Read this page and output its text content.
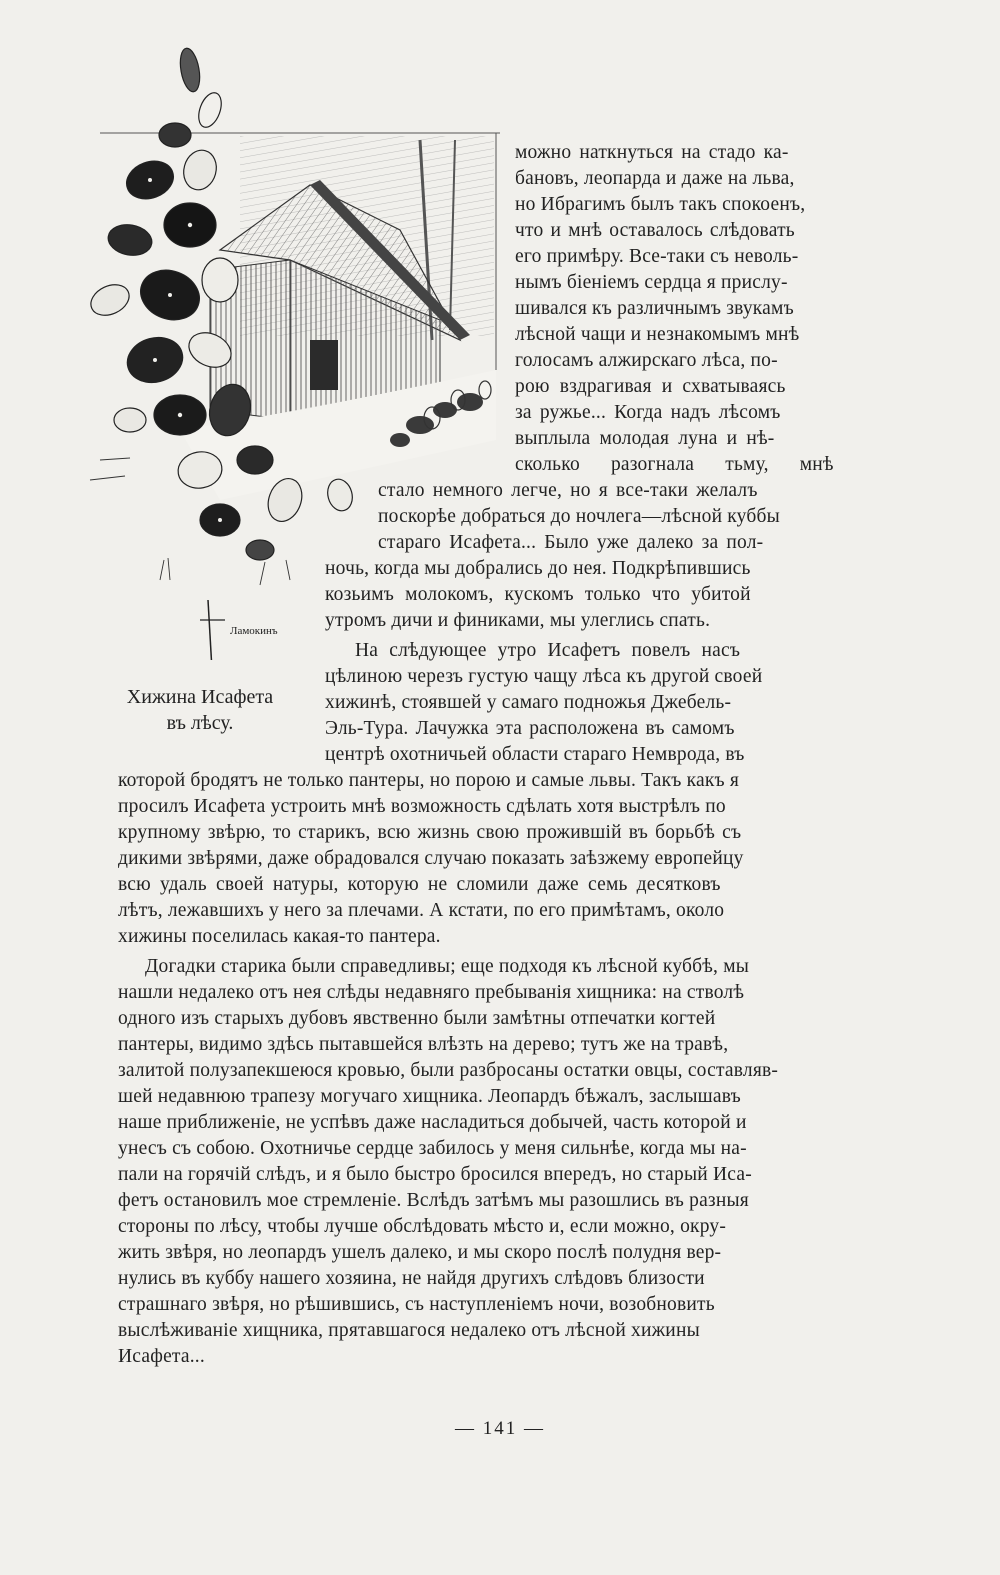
Ламокинъ
Хижина Исафета
въ лѣсу.
можно наткнуться на стадо ка-
бановъ, леопарда и даже на льва,
но Ибрагимъ былъ такъ спокоенъ,
что и мнѣ оставалось слѣдовать
его примѣру. Все-таки съ неволь-
нымъ біеніемъ сердца я прислу-
шивался къ различнымъ звукамъ
лѣсной чащи и незнакомымъ мнѣ
голосамъ алжирскаго лѣса, по-
рою вздрагивая и схватываясь
за ружье... Когда надъ лѣсомъ
выплыла молодая луна и нѣ-
сколько разогнала тьму, мнѣ
стало немного легче, но я все-таки желалъ
поскорѣе добраться до ночлега—лѣсной куббы
стараго Исафета... Было уже далеко за пол-
ночь, когда мы добрались до нея. Подкрѣпившись
козьимъ молокомъ, кускомъ только что убитой
утромъ дичи и финиками, мы улеглись спать.
На слѣдующее утро Исафетъ повелъ насъ
цѣлиною черезъ густую чащу лѣса къ другой своей
хижинѣ, стоявшей у самаго подножья Джебель-
Эль-Тура. Лачужка эта расположена въ самомъ
центрѣ охотничьей области стараго Немврода, въ
которой бродятъ не только пантеры, но порою и самые львы. Такъ какъ я
просилъ Исафета устроить мнѣ возможность сдѣлать хотя выстрѣлъ по
крупному звѣрю, то старикъ, всю жизнь свою прожившій въ борьбѣ съ
дикими звѣрями, даже обрадовался случаю показать заѣзжему европейцу
всю удаль своей натуры, которую не сломили даже семь десятковъ
лѣтъ, лежавшихъ у него за плечами. А кстати, по его примѣтамъ, около
хижины поселилась какая-то пантера.
Догадки старика были справедливы; еще подходя къ лѣсной куббѣ, мы
нашли недалеко отъ нея слѣды недавняго пребыванія хищника: на стволѣ
одного изъ старыхъ дубовъ явственно были замѣтны отпечатки когтей
пантеры, видимо здѣсь пытавшейся влѣзть на дерево; тутъ же на травѣ,
залитой полузапекшеюся кровью, были разбросаны остатки овцы, составляв-
шей недавнюю трапезу могучаго хищника. Леопардъ бѣжалъ, заслышавъ
наше приближеніе, не успѣвъ даже насладиться добычей, часть которой и
унесъ съ собою. Охотничье сердце забилось у меня сильнѣе, когда мы на-
пали на горячій слѣдъ, и я было быстро бросился впередъ, но старый Иса-
фетъ остановилъ мое стремленіе. Вслѣдъ затѣмъ мы разошлись въ разныя
стороны по лѣсу, чтобы лучше обслѣдовать мѣсто и, если можно, окру-
жить звѣря, но леопардъ ушелъ далеко, и мы скоро послѣ полудня вер-
нулись въ куббу нашего хозяина, не найдя другихъ слѣдовъ близости
страшнаго звѣря, но рѣшившись, съ наступленіемъ ночи, возобновить
выслѣживаніе хищника, прятавшагося недалеко отъ лѣсной хижины
Исафета...
— 141 —
